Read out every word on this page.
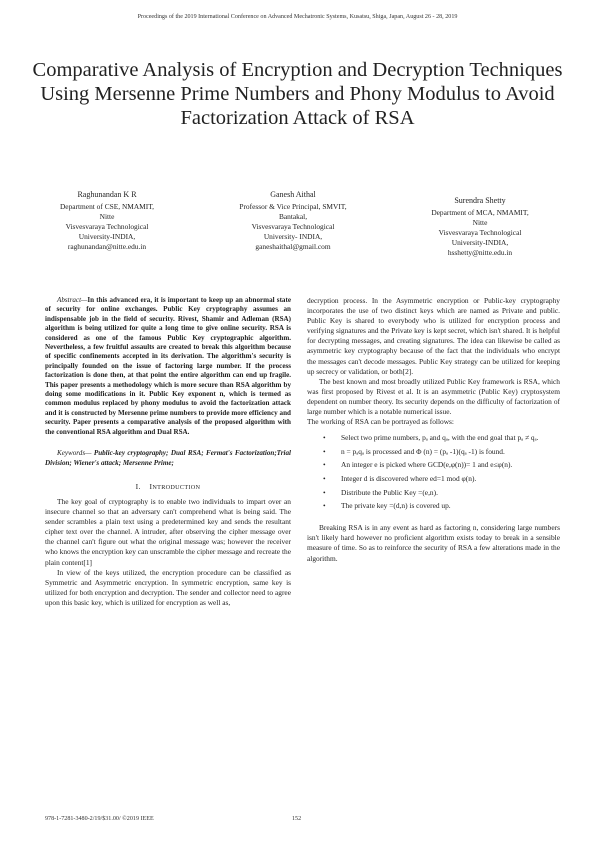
Proceedings of the 2019 International Conference on Advanced Mechatronic Systems, Kusatsu, Shiga, Japan, August 26 - 28, 2019
Comparative Analysis of Encryption and Decryption Techniques Using Mersenne Prime Numbers and Phony Modulus to Avoid Factorization Attack of RSA
Raghunandan K R
Department of CSE, NMAMIT,
Nitte
Visvesvaraya Technological
University-INDIA,
raghunandan@nitte.edu.in
Ganesh Aithal
Professor & Vice Principal, SMVIT,
Bantakal,
Visvesvaraya Technological
University- INDIA,
ganeshaithal@gmail.com
Surendra Shetty
Department of MCA, NMAMIT,
Nitte
Visvesvaraya Technological
University-INDIA,
hsshetty@nitte.edu.in

Abstract—In this advanced era, it is important to keep up an abnormal state of security for online exchanges. Public Key cryptography assumes an indispensable job in the field of security. Rivest, Shamir and Adleman (RSA) algorithm is being utilized for quite a long time to give online security. RSA is considered as one of the famous Public Key cryptographic algorithm. Nevertheless, a few fruitful assaults are created to break this algorithm because of specific confinements accepted in its derivation. The algorithm's security is principally founded on the issue of factoring large number. If the process factorization is done then, at that point the entire algorithm can end up fragile. This paper presents a methodology which is more secure than RSA algorithm by doing some modifications in it. Public Key exponent n, which is termed as common modulus replaced by phony modulus to avoid the factorization attack and it is constructed by Mersenne prime numbers to provide more efficiency and security. Paper presents a comparative analysis of the proposed algorithm with the conventional RSA algorithm and Dual RSA.

Keywords— Public-key cryptography; Dual RSA; Fermat's Factorization;Trial Division; Wiener's attack; Mersenne Prime;

I. INTRODUCTION

The key goal of cryptography is to enable two individuals to impart over an insecure channel so that an adversary can't comprehend what is being said. The sender scrambles a plain text using a predetermined key and sends the resultant cipher text over the channel. A intruder, after observing the cipher message over the channel can't figure out what the original message was; however the receiver who knows the encryption key can unscramble the cipher message and recreate the plain content[1]

In view of the keys utilized, the encryption procedure can be classified as Symmetric and Asymmetric encryption. In symmetric encryption, same key is utilized for both encryption and decryption. The sender and collector need to agree upon this basic key, which is utilized for encryption as well as,

decryption process. In the Asymmetric encryption or Public-key cryptography incorporates the use of two distinct keys which are named as Private and public. Public Key is shared to everybody who is utilized for encryption process and verifying signatures and the Private key is kept secret, which isn't shared. It is helpful for decrypting messages, and creating signatures. The idea can likewise be called as asymmetric key cryptography because of the fact that the individuals who encrypt the messages can't decode messages. Public Key strategy can be utilized for keeping up secrecy or validation, or both[2].

The best known and most broadly utilized Public Key framework is RSA, which was first proposed by Rivest et al. It is an asymmetric (Public Key) cryptosystem dependent on number theory. Its security depends on the difficulty of factorization of large number which is a notable numerical issue.

The working of RSA can be portrayed as follows:

• Select two prime numbers, pₐ and qₐ, with the end goal that pₐ ≠ qₐ.
• n = pₐqₐ is processed and Φ (n) = (pₐ -1)(qₐ -1) is found.
• An integer e is picked where GCD(e,φ(n))= 1 and e≤φ(n).
• Integer d is discovered where ed=1 mod φ(n).
• Distribute the Public Key =(e,n).
• The private key =(d,n) is covered up.

Breaking RSA is in any event as hard as factoring n, considering large numbers isn't likely hard however no proficient algorithm exists today to break in a sensible measure of time. So as to reinforce the security of RSA a few alterations made in the algorithm.

978-1-7281-3480-2/19/$31.00/ ©2019 IEEE	152
